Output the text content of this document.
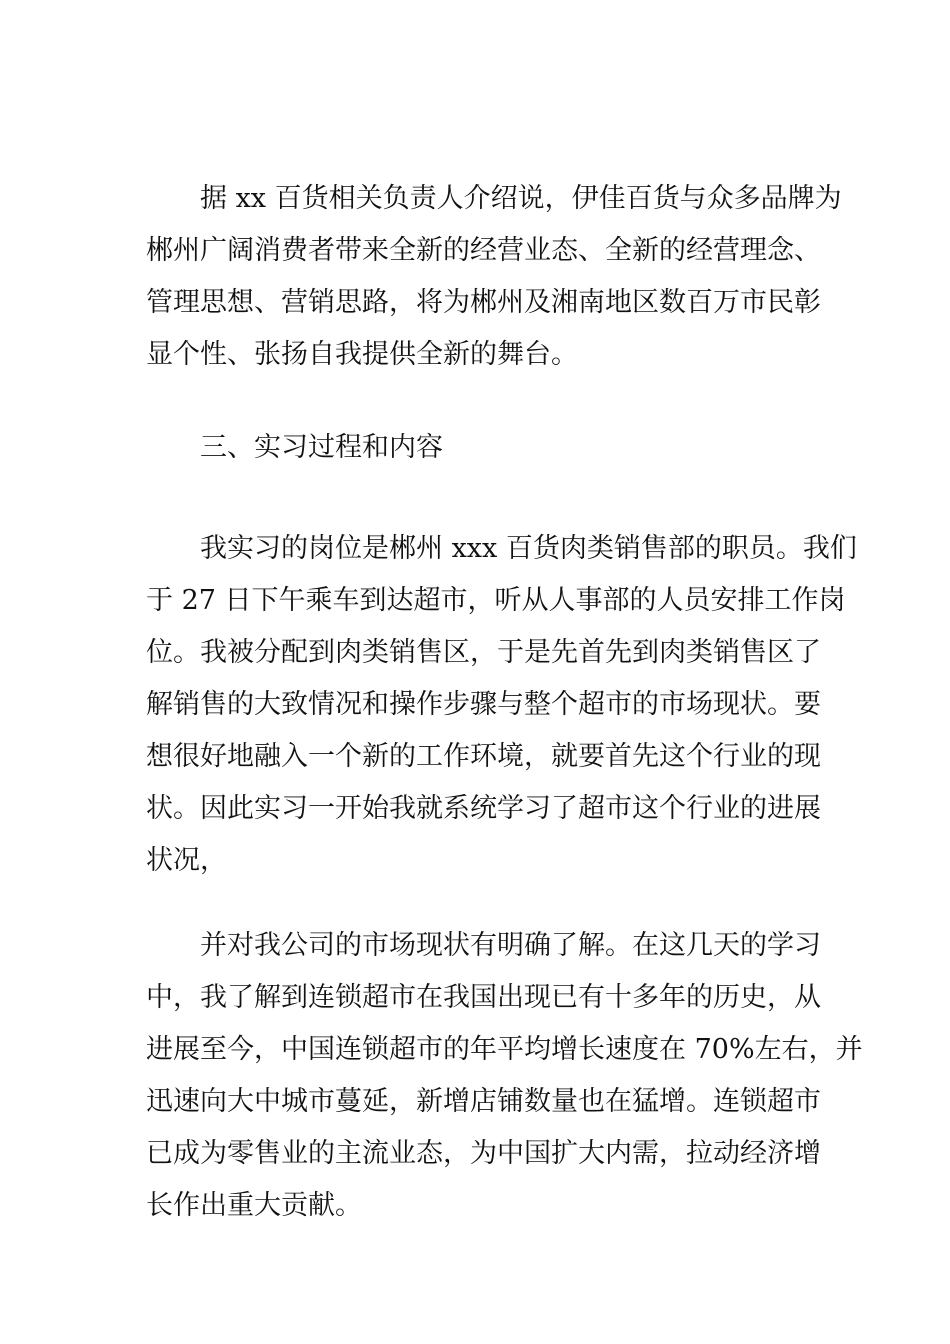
据 xx 百货相关负责人介绍说，伊佳百货与众多品牌为
郴州广阔消费者带来全新的经营业态、全新的经营理念、
管理思想、营销思路，将为郴州及湘南地区数百万市民彰
显个性、张扬自我提供全新的舞台。
三、实习过程和内容
我实习的岗位是郴州 xxx 百货肉类销售部的职员。我们
于 27 日下午乘车到达超市，听从人事部的人员安排工作岗
位。我被分配到肉类销售区，于是先首先到肉类销售区了
解销售的大致情况和操作步骤与整个超市的市场现状。要
想很好地融入一个新的工作环境，就要首先这个行业的现
状。因此实习一开始我就系统学习了超市这个行业的进展
状况，
并对我公司的市场现状有明确了解。在这几天的学习
中，我了解到连锁超市在我国出现已有十多年的历史，从
进展至今，中国连锁超市的年平均增长速度在 70%左右，并
迅速向大中城市蔓延，新增店铺数量也在猛增。连锁超市
已成为零售业的主流业态，为中国扩大内需，拉动经济增
长作出重大贡献。
